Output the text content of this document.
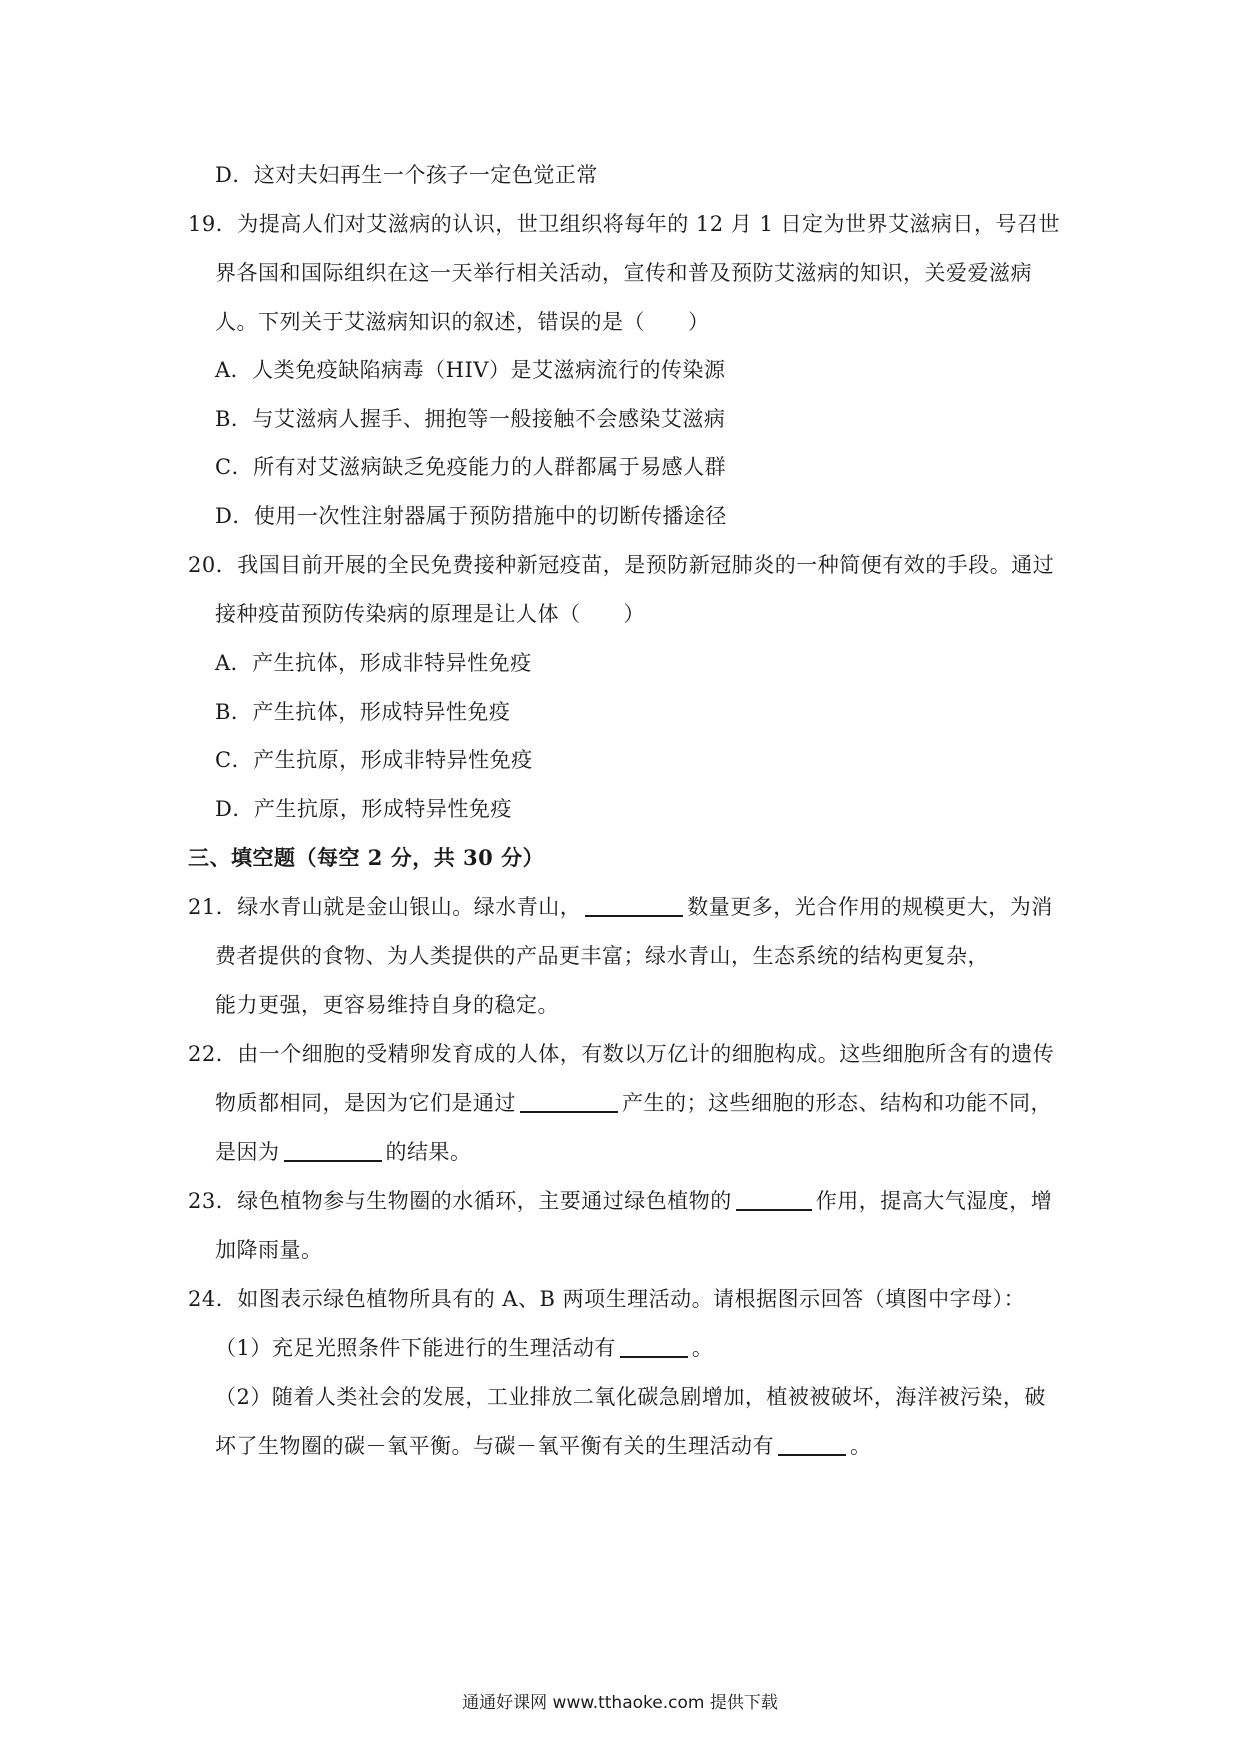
D．这对夫妇再生一个孩子一定色觉正常
19．为提高人们对艾滋病的认识，世卫组织将每年的 12 月 1 日定为世界艾滋病日，号召世
界各国和国际组织在这一天举行相关活动，宣传和普及预防艾滋病的知识，关爱爱滋病
人。下列关于艾滋病知识的叙述，错误的是（　　）
A．人类免疫缺陷病毒（HIV）是艾滋病流行的传染源
B．与艾滋病人握手、拥抱等一般接触不会感染艾滋病
C．所有对艾滋病缺乏免疫能力的人群都属于易感人群
D．使用一次性注射器属于预防措施中的切断传播途径
20．我国目前开展的全民免费接种新冠疫苗，是预防新冠肺炎的一种简便有效的手段。通过
接种疫苗预防传染病的原理是让人体（　　）
A．产生抗体，形成非特异性免疫
B．产生抗体，形成特异性免疫
C．产生抗原，形成非特异性免疫
D．产生抗原，形成特异性免疫
三、填空题（每空 2 分，共 30 分）
21．绿水青山就是金山银山。绿水青山，	数量更多，光合作用的规模更大，为消
费者提供的食物、为人类提供的产品更丰富；绿水青山，生态系统的结构更复杂，
能力更强，更容易维持自身的稳定。
22．由一个细胞的受精卵发育成的人体，有数以万亿计的细胞构成。这些细胞所含有的遗传
物质都相同，是因为它们是通过	产生的；这些细胞的形态、结构和功能不同，
是因为	的结果。
23．绿色植物参与生物圈的水循环，主要通过绿色植物的	作用，提高大气湿度，增
加降雨量。
24．如图表示绿色植物所具有的 A、B 两项生理活动。请根据图示回答（填图中字母）：
（1）充足光照条件下能进行的生理活动有	。
（2）随着人类社会的发展，工业排放二氧化碳急剧增加，植被被破坏，海洋被污染，破
坏了生物圈的碳－氧平衡。与碳－氧平衡有关的生理活动有	。
通通好课网 www.tthaoke.com 提供下载
